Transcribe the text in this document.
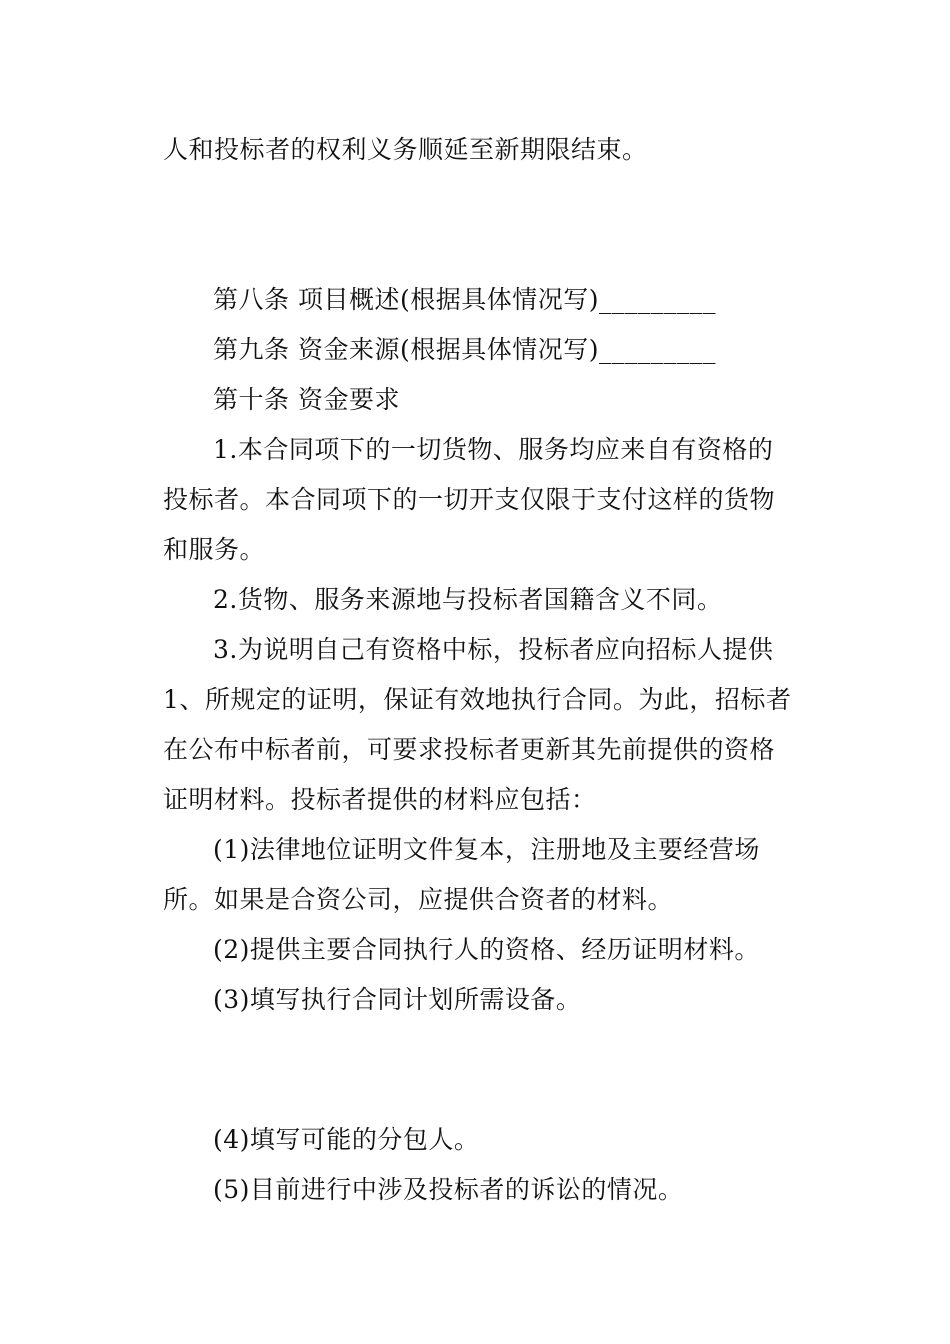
人和投标者的权利义务顺延至新期限结束。
第八条 项目概述(根据具体情况写)_________
第九条 资金来源(根据具体情况写)_________
第十条 资金要求
1.本合同项下的一切货物、服务均应来自有资格的
投标者。本合同项下的一切开支仅限于支付这样的货物
和服务。
2.货物、服务来源地与投标者国籍含义不同。
3.为说明自己有资格中标，投标者应向招标人提供
1、所规定的证明，保证有效地执行合同。为此，招标者
在公布中标者前，可要求投标者更新其先前提供的资格
证明材料。投标者提供的材料应包括：
(1)法律地位证明文件复本，注册地及主要经营场
所。如果是合资公司，应提供合资者的材料。
(2)提供主要合同执行人的资格、经历证明材料。
(3)填写执行合同计划所需设备。
(4)填写可能的分包人。
(5)目前进行中涉及投标者的诉讼的情况。
